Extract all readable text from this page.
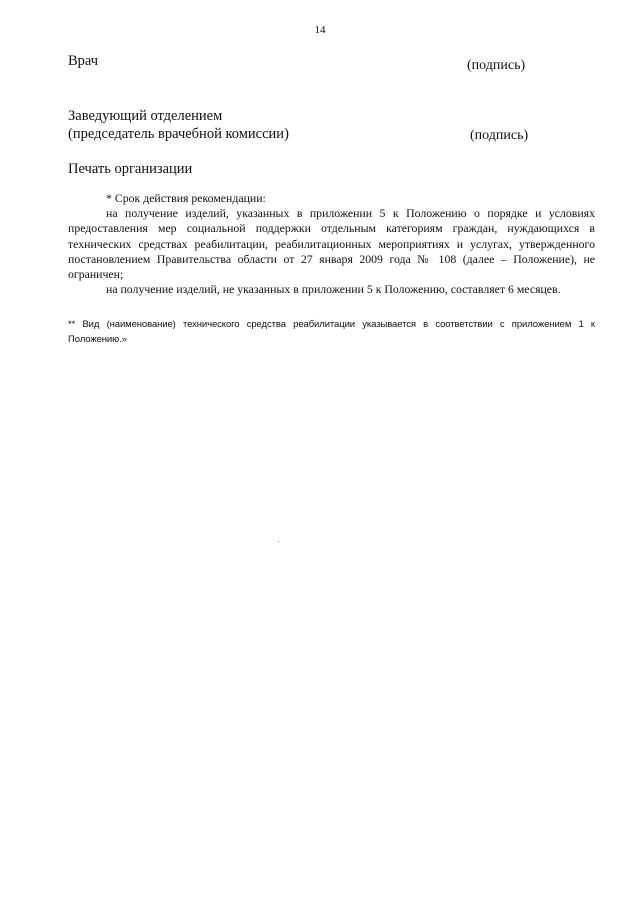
14
Врач	(подпись)
Заведующий отделением
(председатель врачебной комиссии)	(подпись)
Печать организации
* Срок действия рекомендации:

на получение изделий, указанных в приложении 5 к Положению о порядке и условиях предоставления мер социальной поддержки отдельным категориям граждан, нуждающихся в технических средствах реабилитации, реабилитационных мероприятиях и услугах, утвержденного постановлением Правительства области от 27 января 2009 года № 108 (далее – Положение), не ограничен;

на получение изделий, не указанных в приложении 5 к Положению, составляет 6 месяцев.

** Вид (наименование) технического средства реабилитации указывается в соответствии с приложением 1 к Положению.»
